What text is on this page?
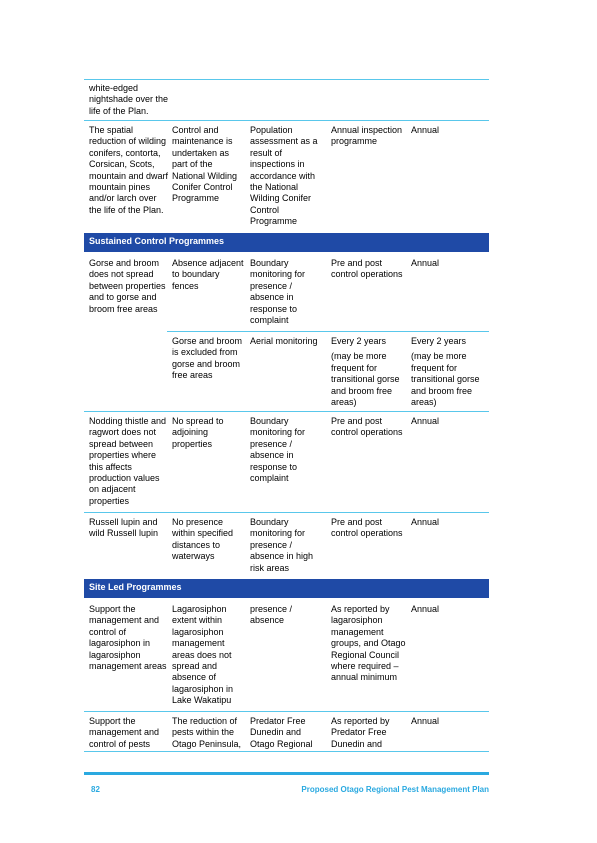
white-edged nightshade over the life of the Plan.
The spatial reduction of wilding conifers, contorta, Corsican, Scots, mountain and dwarf mountain pines and/or larch over the life of the Plan.
Control and maintenance is undertaken as part of the National Wilding Conifer Control Programme
Population assessment as a result of inspections in accordance with the National Wilding Conifer Control Programme
Annual inspection programme
Annual
Sustained Control Programmes
Gorse and broom does not spread between properties and to gorse and broom free areas
Absence adjacent to boundary fences
Boundary monitoring for presence / absence in response to complaint
Pre and post control operations
Annual
Gorse and broom is excluded from gorse and broom free areas
Aerial monitoring	Every 2 years
(may be more frequent for transitional gorse and broom free areas)
Every 2 years
(may be more frequent for transitional gorse and broom free areas)
Nodding thistle and ragwort does not spread between properties where this affects production values on adjacent properties
No spread to adjoining properties
Boundary monitoring for presence / absence in response to complaint
Pre and post control operations
Annual
Russell lupin and wild Russell lupin
No presence within specified distances to waterways
Boundary monitoring for presence / absence in high risk areas
Pre and post control operations
Annual
Site Led Programmes
Support the management and control of lagarosiphon in lagarosiphon management areas
Lagarosiphon extent within lagarosiphon management areas does not spread and absence of lagarosiphon in Lake Wakatipu
presence / absence
As reported by lagarosiphon management groups, and Otago Regional Council where required – annual minimum
Annual
Support the management and control of pests
The reduction of pests within the Otago Peninsula,
Predator Free Dunedin and Otago Regional
As reported by Predator Free Dunedin and
Annual
82	Proposed Otago Regional Pest Management Plan
